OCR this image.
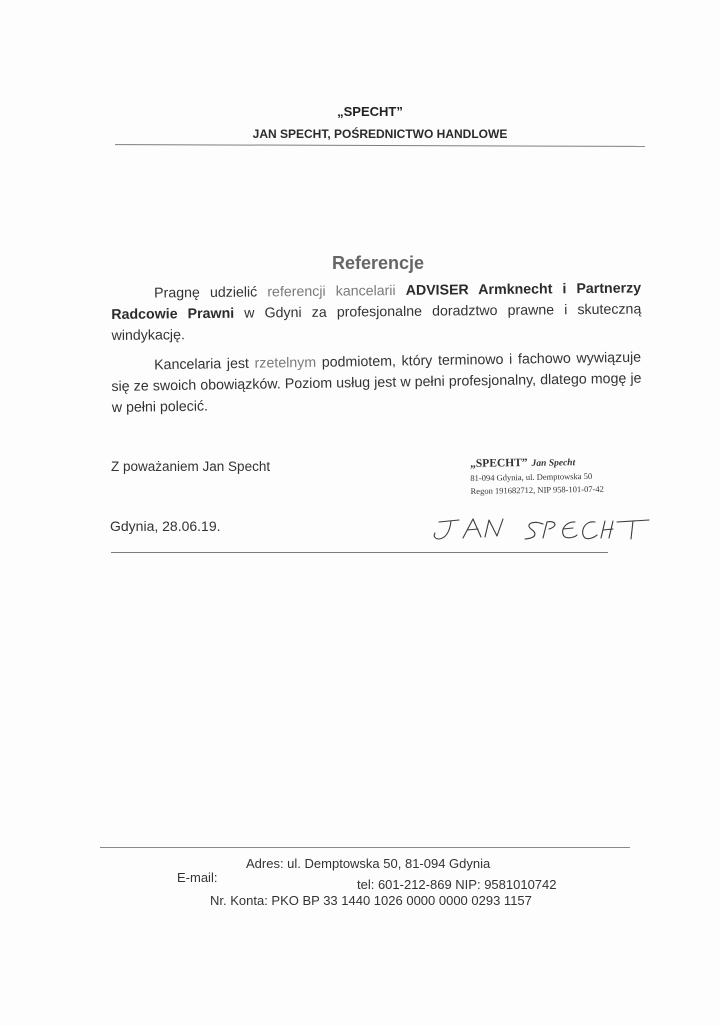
„SPECHT”
JAN SPECHT, POŚREDNICTWO HANDLOWE
Referencje

Pragnę udzielić referencji kancelarii ADVISER Armknecht i Partnerzy Radcowie Prawni w Gdyni za profesjonalne doradztwo prawne i skuteczną windykację.

Kancelaria jest rzetelnym podmiotem, który terminowo i fachowo wywiązuje się ze swoich obowiązków. Poziom usług jest w pełni profesjonalny, dlatego mogę je w pełni polecić.

Z poważaniem Jan Specht	„SPECHT” Jan Specht
81-094 Gdynia, ul. Demptowska 50
Regon 191682712, NIP 958-101-07-42
Gdynia, 28.06.19.
Adres: ul. Demptowska 50, 81-094 Gdynia
E-mail:	tel: 601-212-869 NIP: 9581010742
Nr. Konta: PKO BP 33 1440 1026 0000 0000 0293 1157
